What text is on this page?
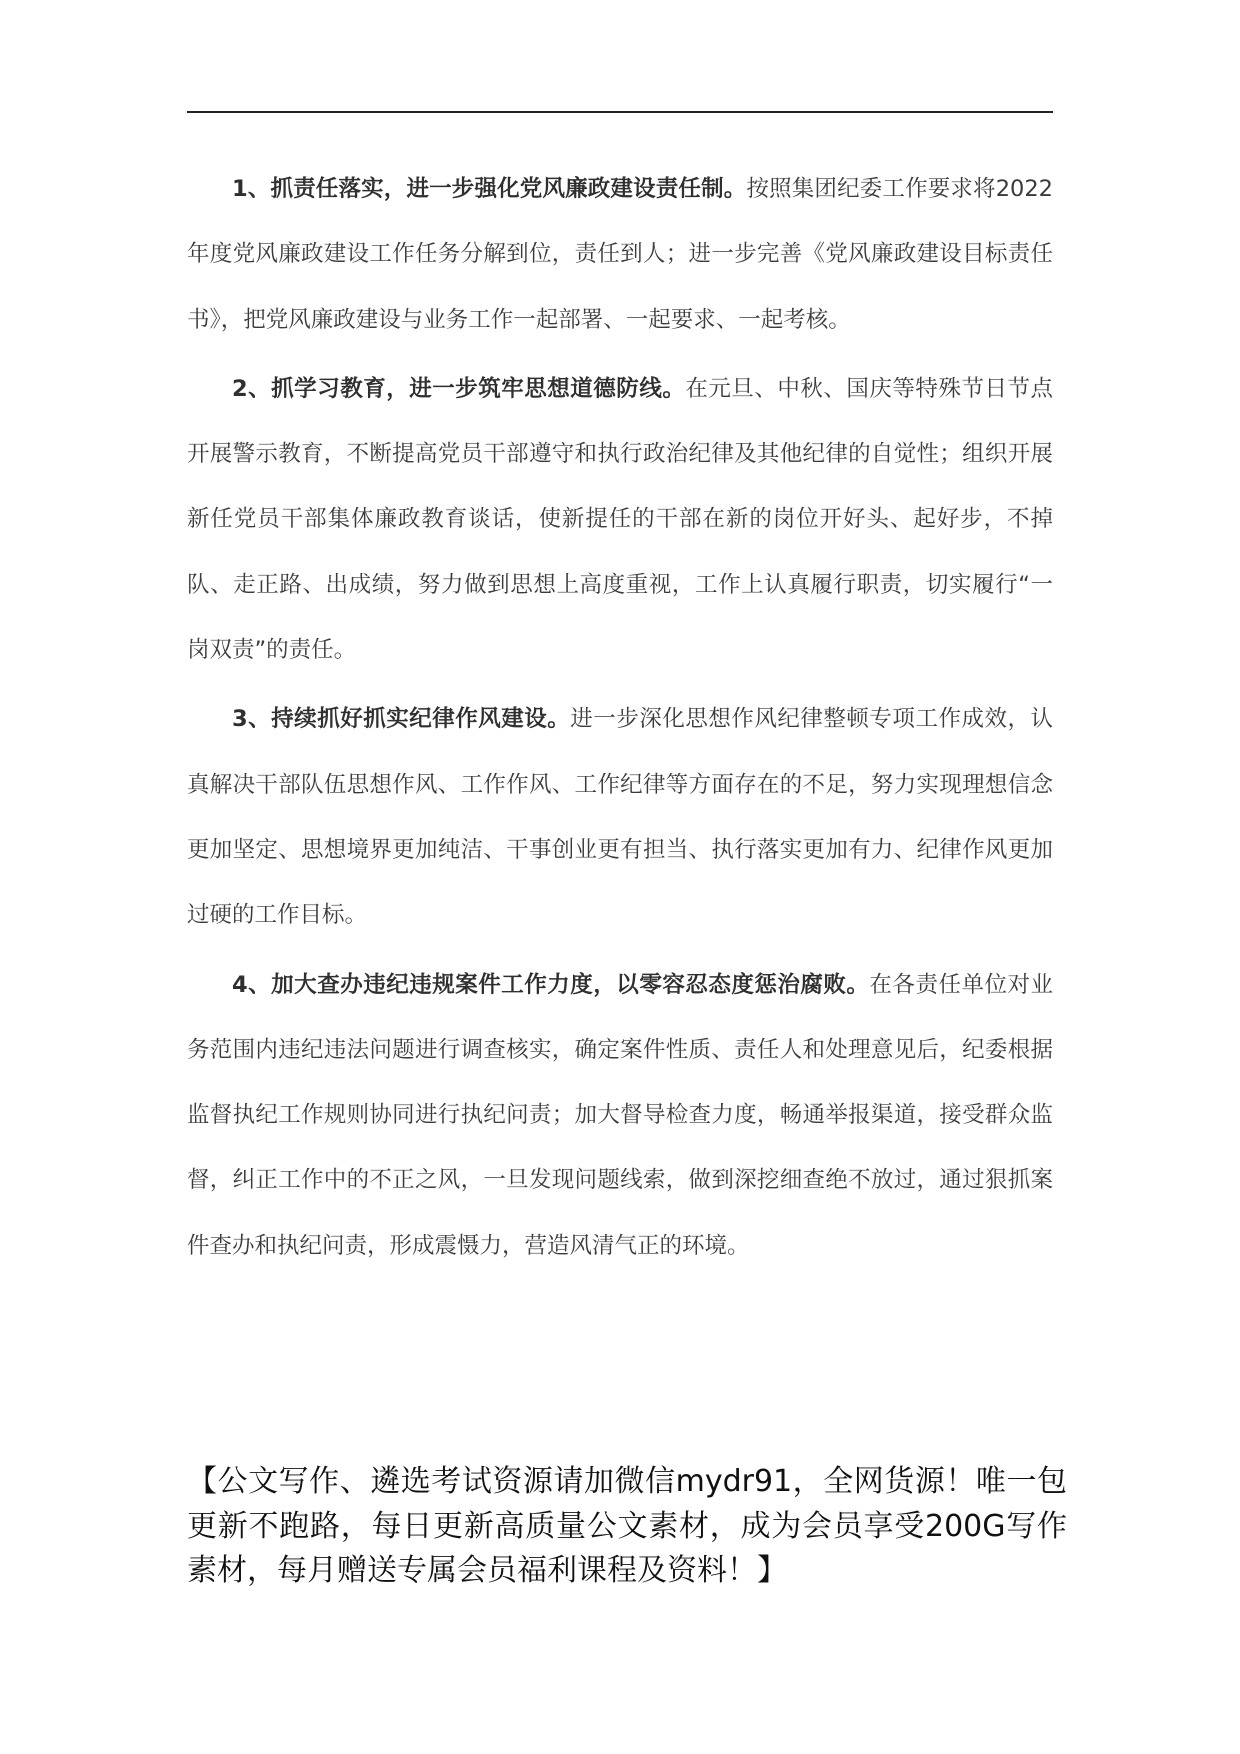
1、抓责任落实，进一步强化党风廉政建设责任制。按照集团纪委工作要求将2022年度党风廉政建设工作任务分解到位，责任到人；进一步完善《党风廉政建设目标责任书》，把党风廉政建设与业务工作一起部署、一起要求、一起考核。

2、抓学习教育，进一步筑牢思想道德防线。在元旦、中秋、国庆等特殊节日节点开展警示教育，不断提高党员干部遵守和执行政治纪律及其他纪律的自觉性；组织开展新任党员干部集体廉政教育谈话，使新提任的干部在新的岗位开好头、起好步，不掉队、走正路、出成绩，努力做到思想上高度重视，工作上认真履行职责，切实履行“一岗双责”的责任。

3、持续抓好抓实纪律作风建设。进一步深化思想作风纪律整顿专项工作成效，认真解决干部队伍思想作风、工作作风、工作纪律等方面存在的不足，努力实现理想信念更加坚定、思想境界更加纯洁、干事创业更有担当、执行落实更加有力、纪律作风更加过硬的工作目标。

4、加大查办违纪违规案件工作力度，以零容忍态度惩治腐败。在各责任单位对业务范围内违纪违法问题进行调查核实，确定案件性质、责任人和处理意见后，纪委根据监督执纪工作规则协同进行执纪问责；加大督导检查力度，畅通举报渠道，接受群众监督，纠正工作中的不正之风，一旦发现问题线索，做到深挖细查绝不放过，通过狠抓案件查办和执纪问责，形成震慑力，营造风清气正的环境。

【公文写作、遴选考试资源请加微信mydr91，全网货源！唯一包更新不跑路，每日更新高质量公文素材，成为会员享受200G写作素材，每月赠送专属会员福利课程及资料！】
